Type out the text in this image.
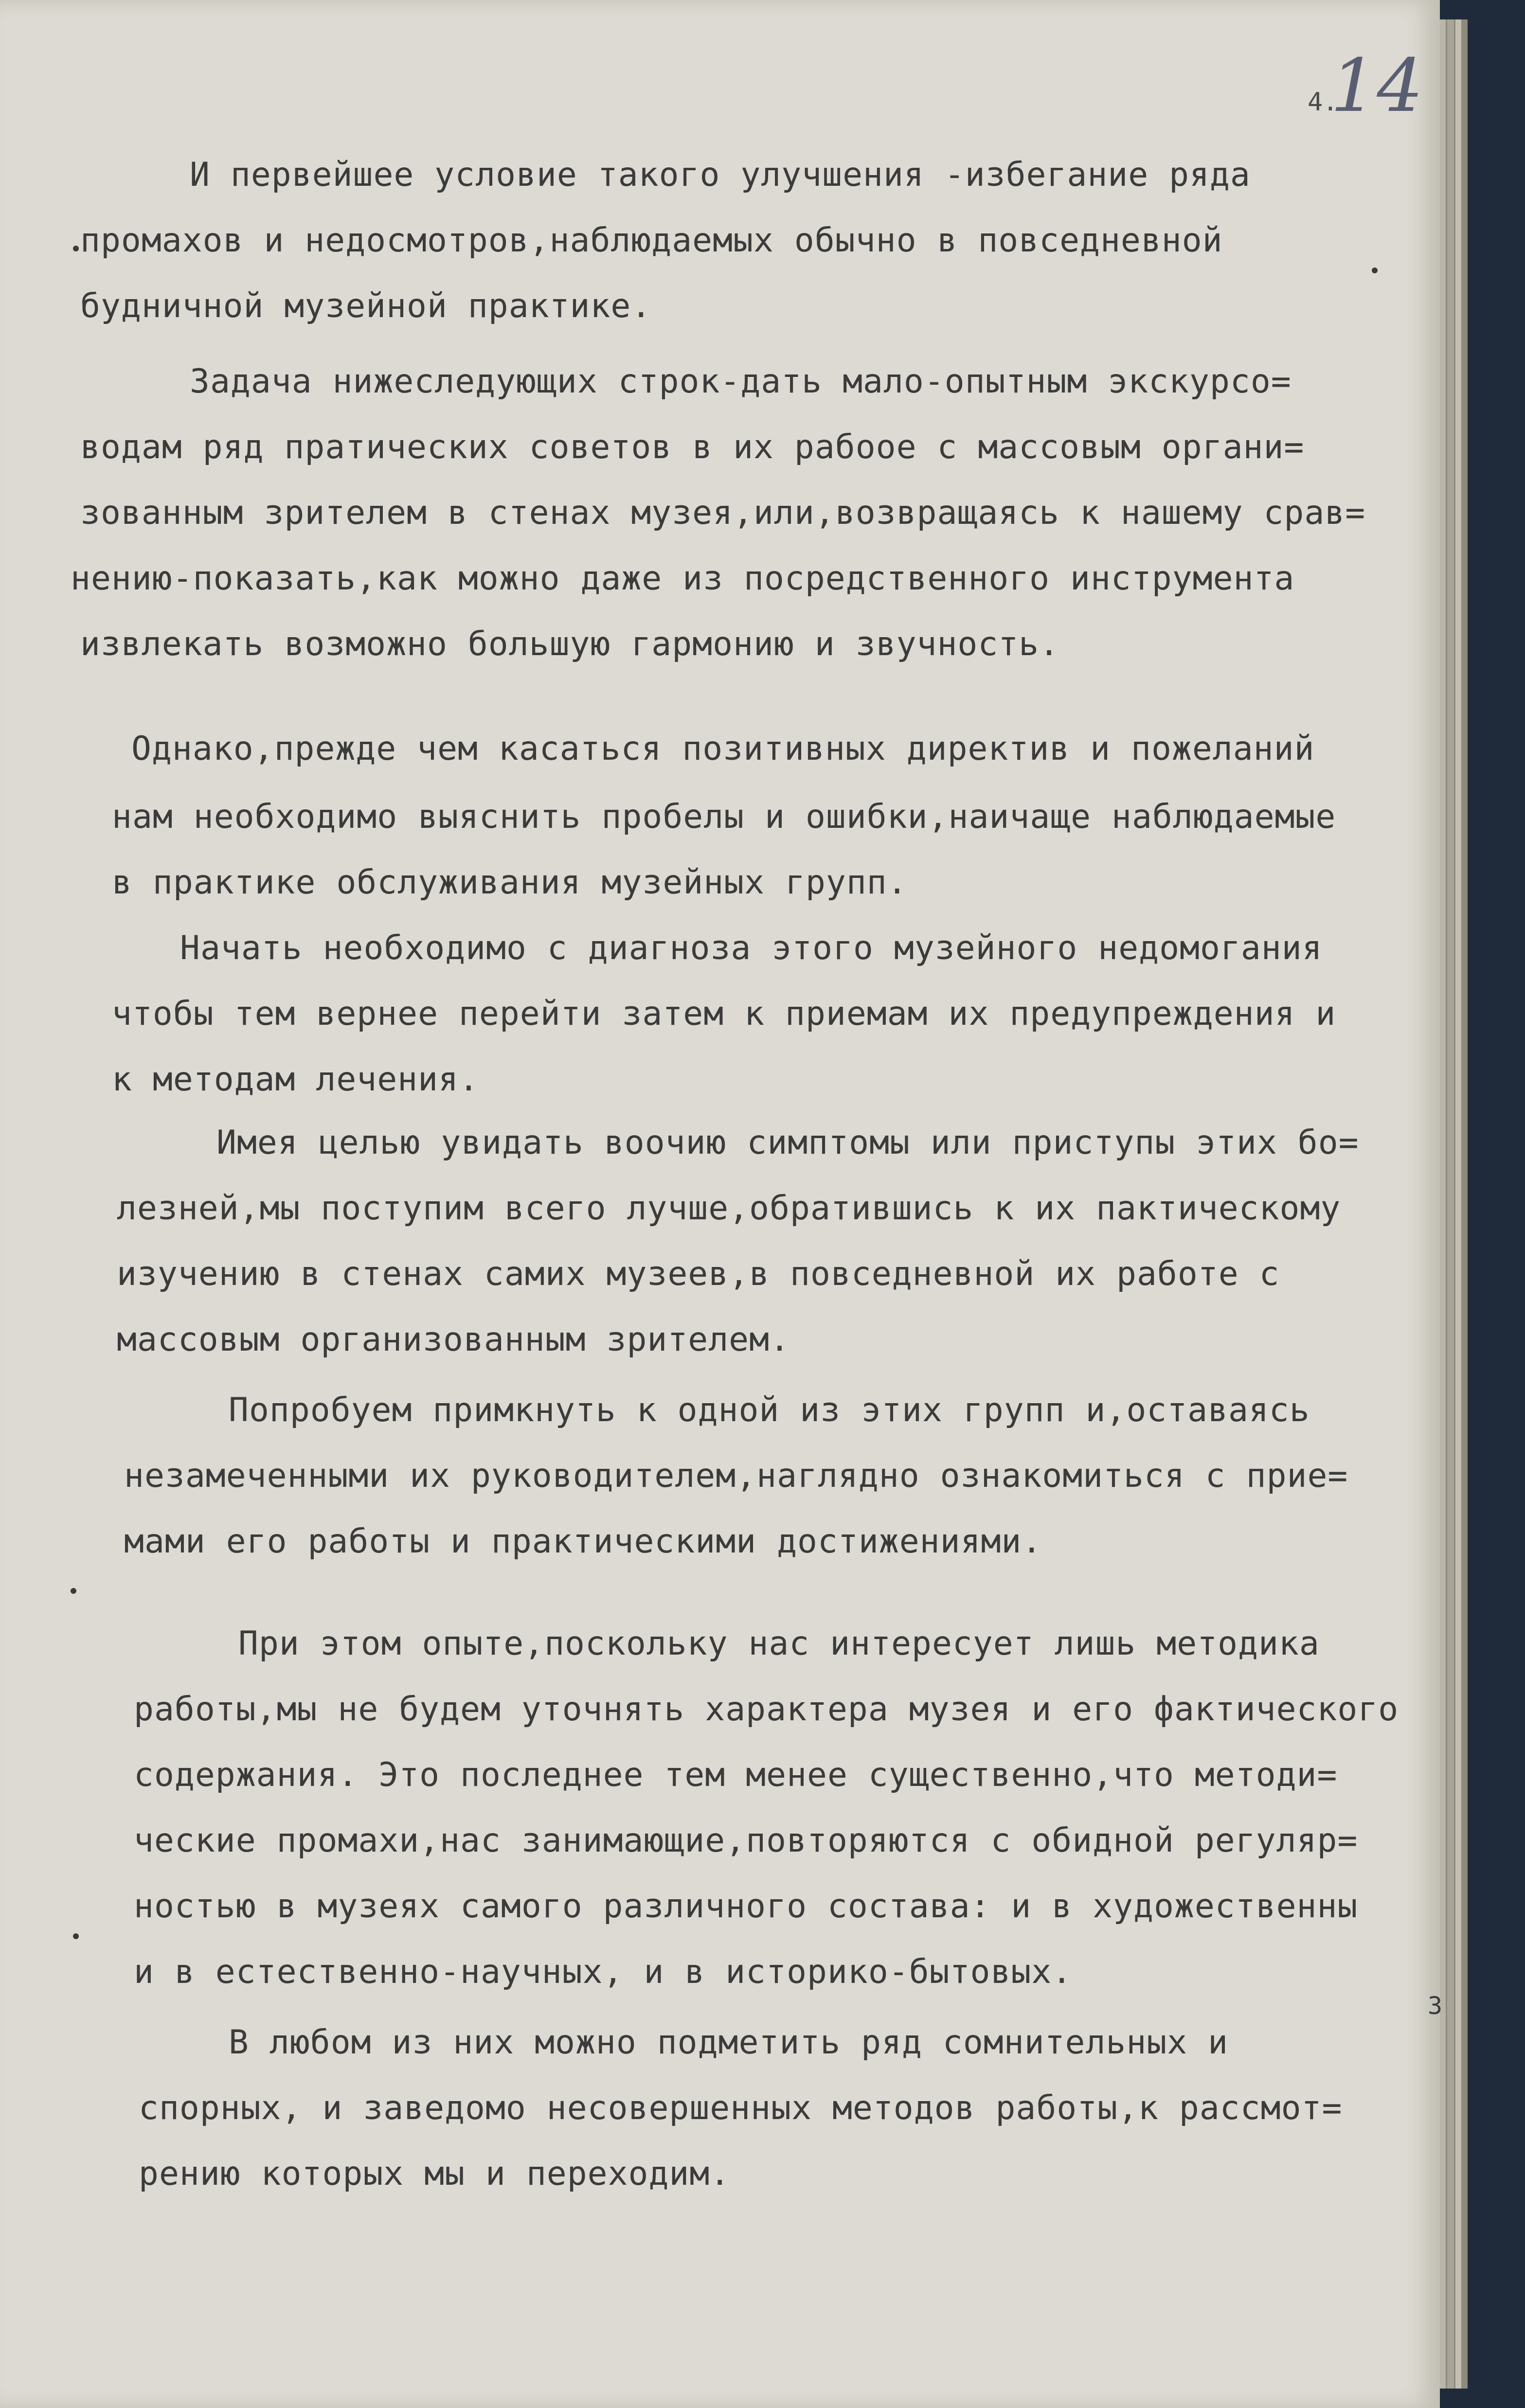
4.
14
И первейшее условие такого улучшения -избегание ряда
промахов и недосмотров,наблюдаемых обычно в повседневной
будничной музейной практике.
Задача нижеследующих строк-дать мало-опытным экскурсо=
водам ряд пратических советов в их рабоое с массовым органи=
зованным зрителем в стенах музея,или,возвращаясь к нашему срав=
нению-показать,как можно даже из посредственного инструмента
извлекать возможно большую гармонию и звучность.
Однако,прежде чем касаться позитивных директив и пожеланий
нам необходимо выяснить пробелы и ошибки,наичаще наблюдаемые
в практике обслуживания музейных групп.
Начать необходимо с диагноза этого музейного недомогания
чтобы тем вернее перейти затем к приемам их предупреждения и
к методам лечения.
Имея целью увидать воочию симптомы или приступы этих бо=
лезней,мы поступим всего лучше,обратившись к их пактическому
изучению в стенах самих музеев,в повседневной их работе с
массовым организованным зрителем.
Попробуем примкнуть к одной из этих групп и,оставаясь
незамеченными их руководителем,наглядно ознакомиться с прие=
мами его работы и практическими достижениями.
При этом опыте,поскольку нас интересует лишь методика
работы,мы не будем уточнять характера музея и его фактического
содержания. Это последнее тем менее существенно,что методи=
ческие промахи,нас занимающие,повторяются с обидной регуляр=
ностью в музеях самого различного состава: и в художественны
и в естественно-научных, и в историко-бытовых.
В любом из них можно подметить ряд сомнительных и
спорных, и заведомо несовершенных методов работы,к рассмот=
рению которых мы и переходим.
3
